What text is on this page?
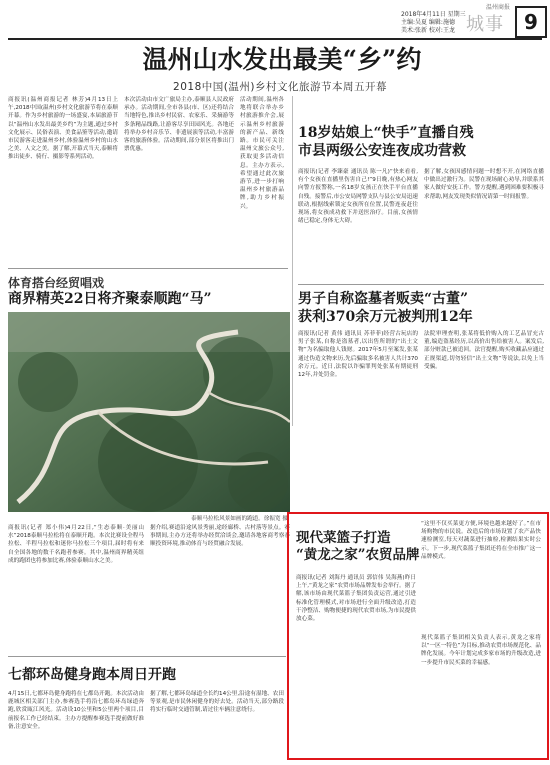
2018年4月11日 星期三
主编:吴夏 编辑:施德
美术:张新 校对:王龙
温州商报
城事	9
温州山水发出最美“乡”约
2018中国(温州)乡村文化旅游节本周五开幕
商报讯(温州商报记者 林芳)4月13日上午,2018中国(温州)乡村文化旅游节将在泰顺开幕。作为乡村旅游的一场盛宴,本届旅游节以“温州山水发出最美乡约”为主题,通过乡村文化展示、民俗表演、美食品鉴等活动,邀请市民游客走进温州乡村,体验温州乡村的山水之美、人文之美。据了解,开幕式当天,泰顺将推出徒步、骑行、摄影等系列活动。
本次活动由市文广旅局主办,泰顺县人民政府承办。活动期间,全市各县(市、区)还将结合当地特色,推出乡村民宿、农家乐、采摘游等多条精品线路,让游客尽享田园风光。各地还将举办乡村音乐节、非遗展演等活动,丰富游客的旅游体验。活动期间,部分景区将推出门票优惠。
活动期间,温州各地将联合举办乡村旅游推介会,展示温州乡村旅游的新产品、新线路。市民可关注温州文旅公众号,获取更多活动信息。主办方表示,希望通过此次旅游节,进一步打响温州乡村旅游品牌,助力乡村振兴。
18岁姑娘上“快手”直播自残
市县两级公安连夜成功营救
商报讯(记者 李臻豪 通讯员 陈一凡)“快来看看,有个女孩在直播里伤害自己!”9日晚,有热心网友向警方报警称,一名18岁女孩正在快手平台直播自残。接警后,市公安局网警支队与县公安局迅速联动,根据线索锁定女孩所在位置,民警连夜赶往现场,将女孩成功救下并送医治疗。目前,女孩情绪已稳定,身体无大碍。
据了解,女孩因感情问题一时想不开,在网络直播中做出过激行为。民警在现场耐心劝导,并联系其家人做好安抚工作。警方提醒,遇到困难要积极寻求帮助,网友发现类似情况请第一时间报警。
体育搭台经贸唱戏
商界精英22日将齐聚泰顺跑“马”
泰顺马拉松风景如画的跑道。徐振宽 摄
商报讯(记者 郑小伟)4月22日,“生态泰顺·美丽山水”2018泰顺马拉松将在泰顺开跑。本次比赛设全程马拉松、半程马拉松和迷你马拉松三个项目,届时将有来自全国各地的数千名跑者参赛。其中,温州商界精英组成的跑团也将参加比赛,体验泰顺山水之美。
据介绍,赛道沿途风景秀丽,途经廊桥、古村落等景点。赛事期间,主办方还将举办经贸洽谈会,邀请各地客商考察泰顺投资环境,推动体育与经贸融合发展。
男子自称盗墓者贩卖“古董”
获利370余万元被判刑12年
商报讯(记者 黄伟 通讯员 苏菲菲)经营古玩店的男子张某,自称是盗墓者,以出售所谓的“出土文物”为名骗取他人钱财。2017年5月至案发,张某通过伪造文物来历,先后骗取多名被害人共计370余万元。近日,法院以诈骗罪判处张某有期徒刑12年,并处罚金。
法院审理查明,张某将低价购入的工艺品冒充古董,编造盗墓经历,以高价出售给被害人。案发后,部分赃款已被追回。法官提醒,购买收藏品应通过正规渠道,切勿轻信“出土文物”等说法,以免上当受骗。
现代菜篮子打造
“黄龙之家”农贸品牌
商报讯(记者 刘海丹 通讯员 郭信伟 吴海燕)昨日上午,“黄龙之家”农贸市场品牌发布会举行。据了解,该市场由现代菜篮子集团负责运营,通过引进标准化管理模式,对市场进行全面升级改造,打造干净整洁、购物便捷的现代农贸市场,为市民提供放心菜。
“这里不仅买菜更方便,环境也越来越好了。”在市场购物的市民说。改造后的市场设置了农产品快速检测室,每天对蔬菜进行抽检,检测结果实时公示。下一步,现代菜篮子集团还将在全市推广这一品牌模式。
现代菜篮子集团相关负责人表示,黄龙之家将以“一区一特色”为目标,推动农贸市场规范化、品牌化发展。今年计划完成多家市场的升级改造,进一步提升市民买菜的幸福感。
七都环岛健身跑本周日开跑
4月15日,七都环岛健身跑将在七都岛开跑。本次活动由鹿城区相关部门主办,参赛选手将沿七都岛环岛绿道奔跑,欣赏瓯江风光。活动设10公里和5公里两个项目,目前报名工作已经结束。主办方提醒参赛选手提前做好准备,注意安全。
据了解,七都环岛绿道全长约14公里,沿途有湿地、农田等景观,是市民休闲健身的好去处。活动当天,部分路段将实行临时交通管制,请过往车辆注意绕行。
